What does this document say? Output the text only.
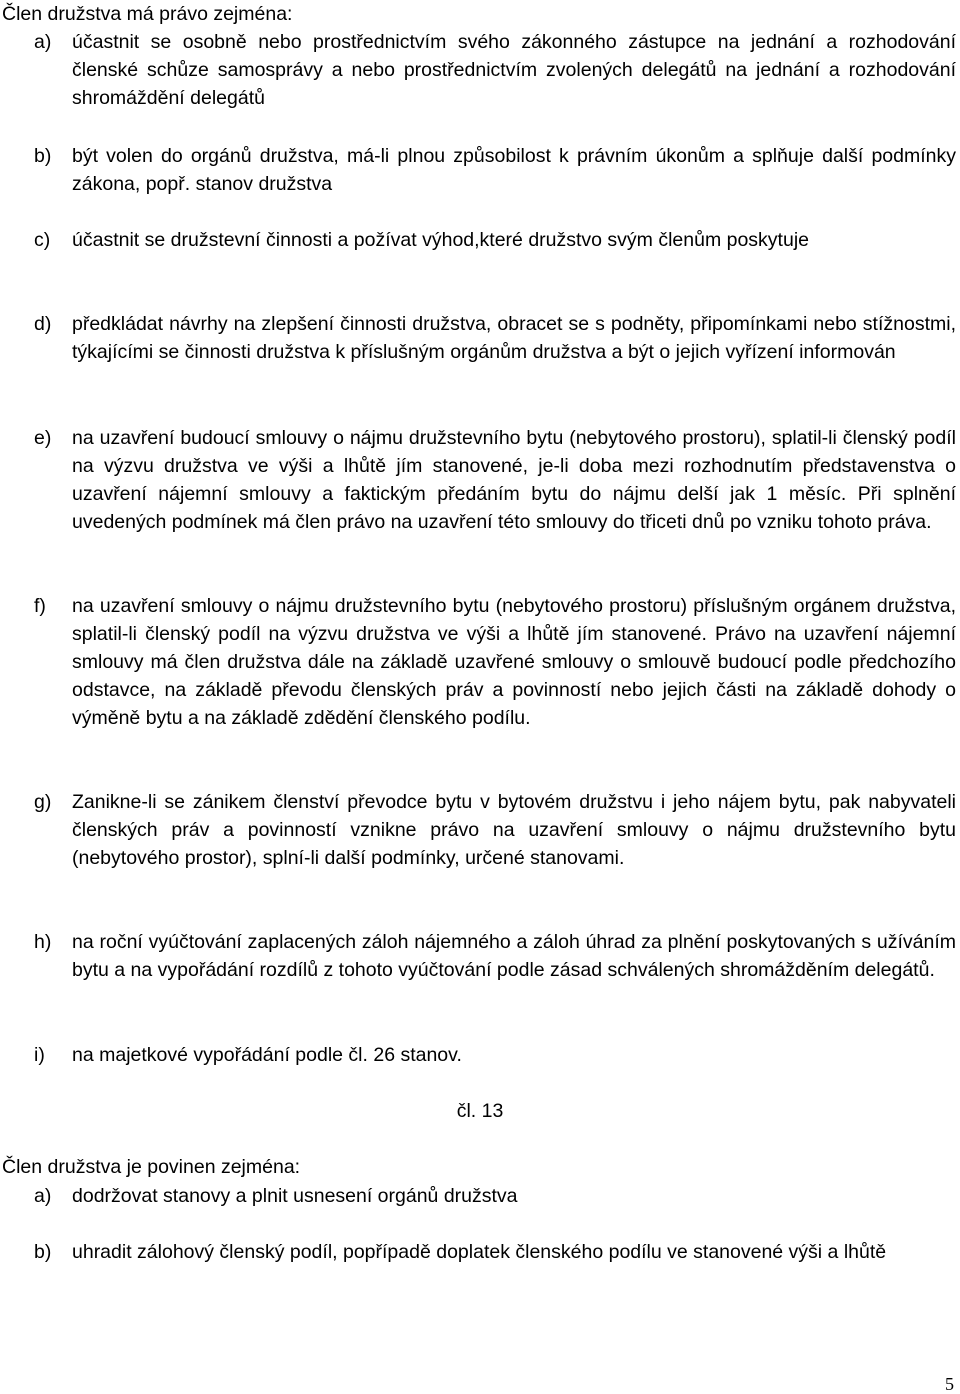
Člen družstva má právo zejména:
a) účastnit se osobně nebo prostřednictvím svého zákonného zástupce na jednání a rozhodování členské schůze samosprávy a nebo prostřednictvím zvolených delegátů na jednání a rozhodování shromáždění delegátů
b) být volen do orgánů družstva, má-li plnou způsobilost k právním úkonům a splňuje další podmínky zákona, popř. stanov družstva
c) účastnit se družstevní činnosti a požívat výhod,které družstvo svým členům poskytuje
d) předkládat návrhy na zlepšení činnosti družstva, obracet se s podněty, připomínkami nebo stížnostmi, týkajícími se činnosti družstva k příslušným orgánům družstva a být o jejich vyřízení informován
e) na uzavření budoucí smlouvy o nájmu družstevního bytu (nebytového prostoru), splatil-li členský podíl na výzvu družstva ve výši a lhůtě jím stanovené, je-li doba mezi rozhodnutím představenstva o uzavření nájemní smlouvy a faktickým předáním bytu do nájmu delší jak 1 měsíc. Při splnění uvedených podmínek má člen právo na uzavření této smlouvy do třiceti dnů po vzniku tohoto práva.
f) na uzavření smlouvy o nájmu družstevního bytu (nebytového prostoru) příslušným orgánem družstva, splatil-li členský podíl na výzvu družstva ve výši a lhůtě jím stanovené. Právo na uzavření nájemní smlouvy má člen družstva dále na základě uzavřené smlouvy o smlouvě budoucí podle předchozího odstavce, na základě převodu členských práv a povinností nebo jejich části na základě dohody o výměně bytu a na základě zdědění členského podílu.
g) Zanikne-li se zánikem členství převodce bytu v bytovém družstvu i jeho nájem bytu, pak nabyvateli členských práv a povinností vznikne právo na uzavření smlouvy o nájmu družstevního bytu (nebytového prostor), splní-li další podmínky, určené stanovami.
h) na roční vyúčtování zaplacených záloh nájemného a záloh úhrad za plnění poskytovaných s užíváním bytu a na vypořádání rozdílů z tohoto vyúčtování podle zásad schválených shromážděním delegátů.
i) na majetkové vypořádání podle čl. 26 stanov.
čl. 13
Člen družstva je povinen zejména:
a) dodržovat stanovy a plnit usnesení orgánů družstva
b) uhradit zálohový členský podíl, popřípadě doplatek členského podílu ve stanovené výši a lhůtě
5
